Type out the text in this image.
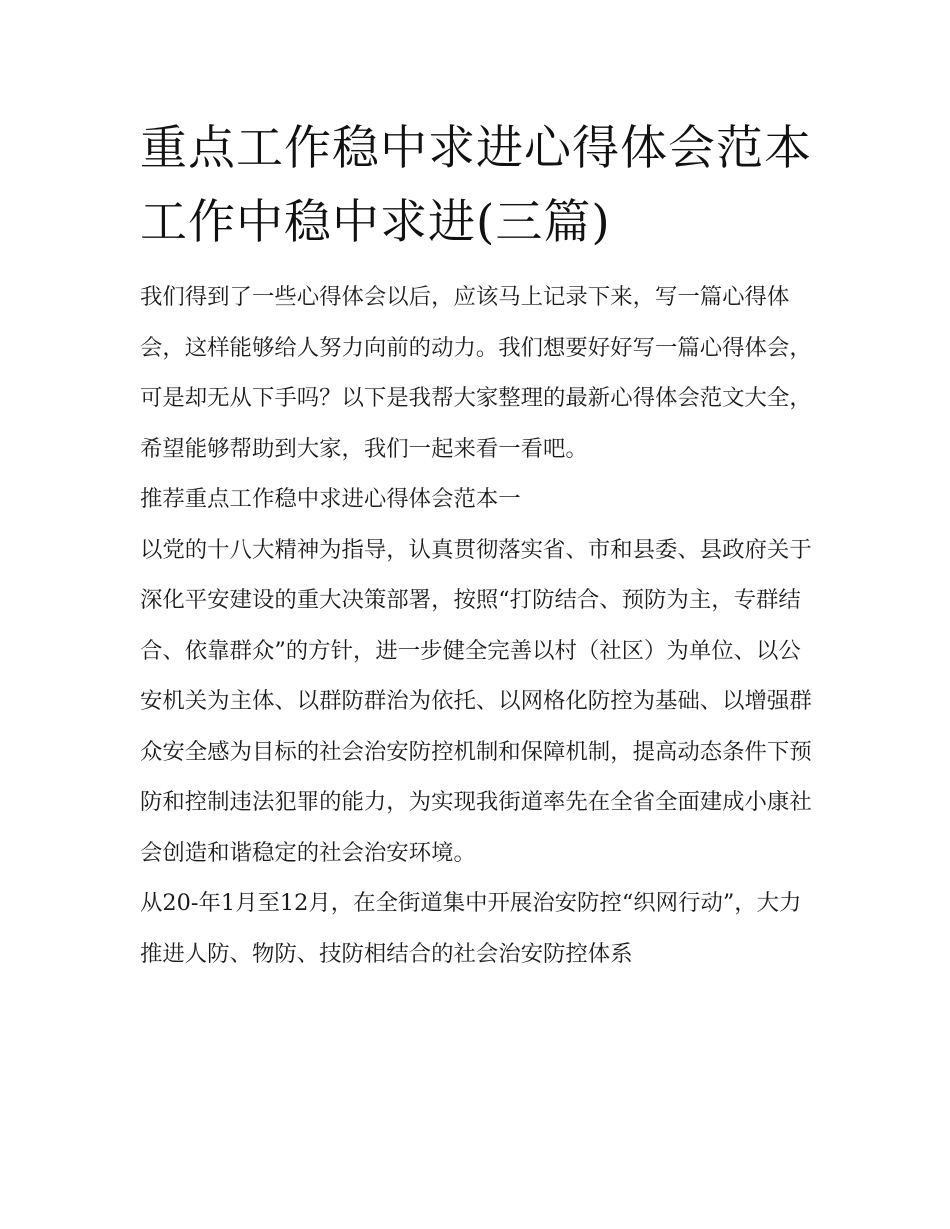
重点工作稳中求进心得体会范本 工作中稳中求进(三篇)

我们得到了一些心得体会以后，应该马上记录下来，写一篇心得体会，这样能够给人努力向前的动力。我们想要好好写一篇心得体会，可是却无从下手吗？以下是我帮大家整理的最新心得体会范文大全，希望能够帮助到大家，我们一起来看一看吧。

推荐重点工作稳中求进心得体会范本一

以党的十八大精神为指导，认真贯彻落实省、市和县委、县政府关于深化平安建设的重大决策部署，按照“打防结合、预防为主，专群结合、依靠群众”的方针，进一步健全完善以村（社区）为单位、以公安机关为主体、以群防群治为依托、以网格化防控为基础、以增强群众安全感为目标的社会治安防控机制和保障机制，提高动态条件下预防和控制违法犯罪的能力，为实现我街道率先在全省全面建成小康社会创造和谐稳定的社会治安环境。

从20-年1月至12月，在全街道集中开展治安防控“织网行动”，大力推进人防、物防、技防相结合的社会治安防控体系
